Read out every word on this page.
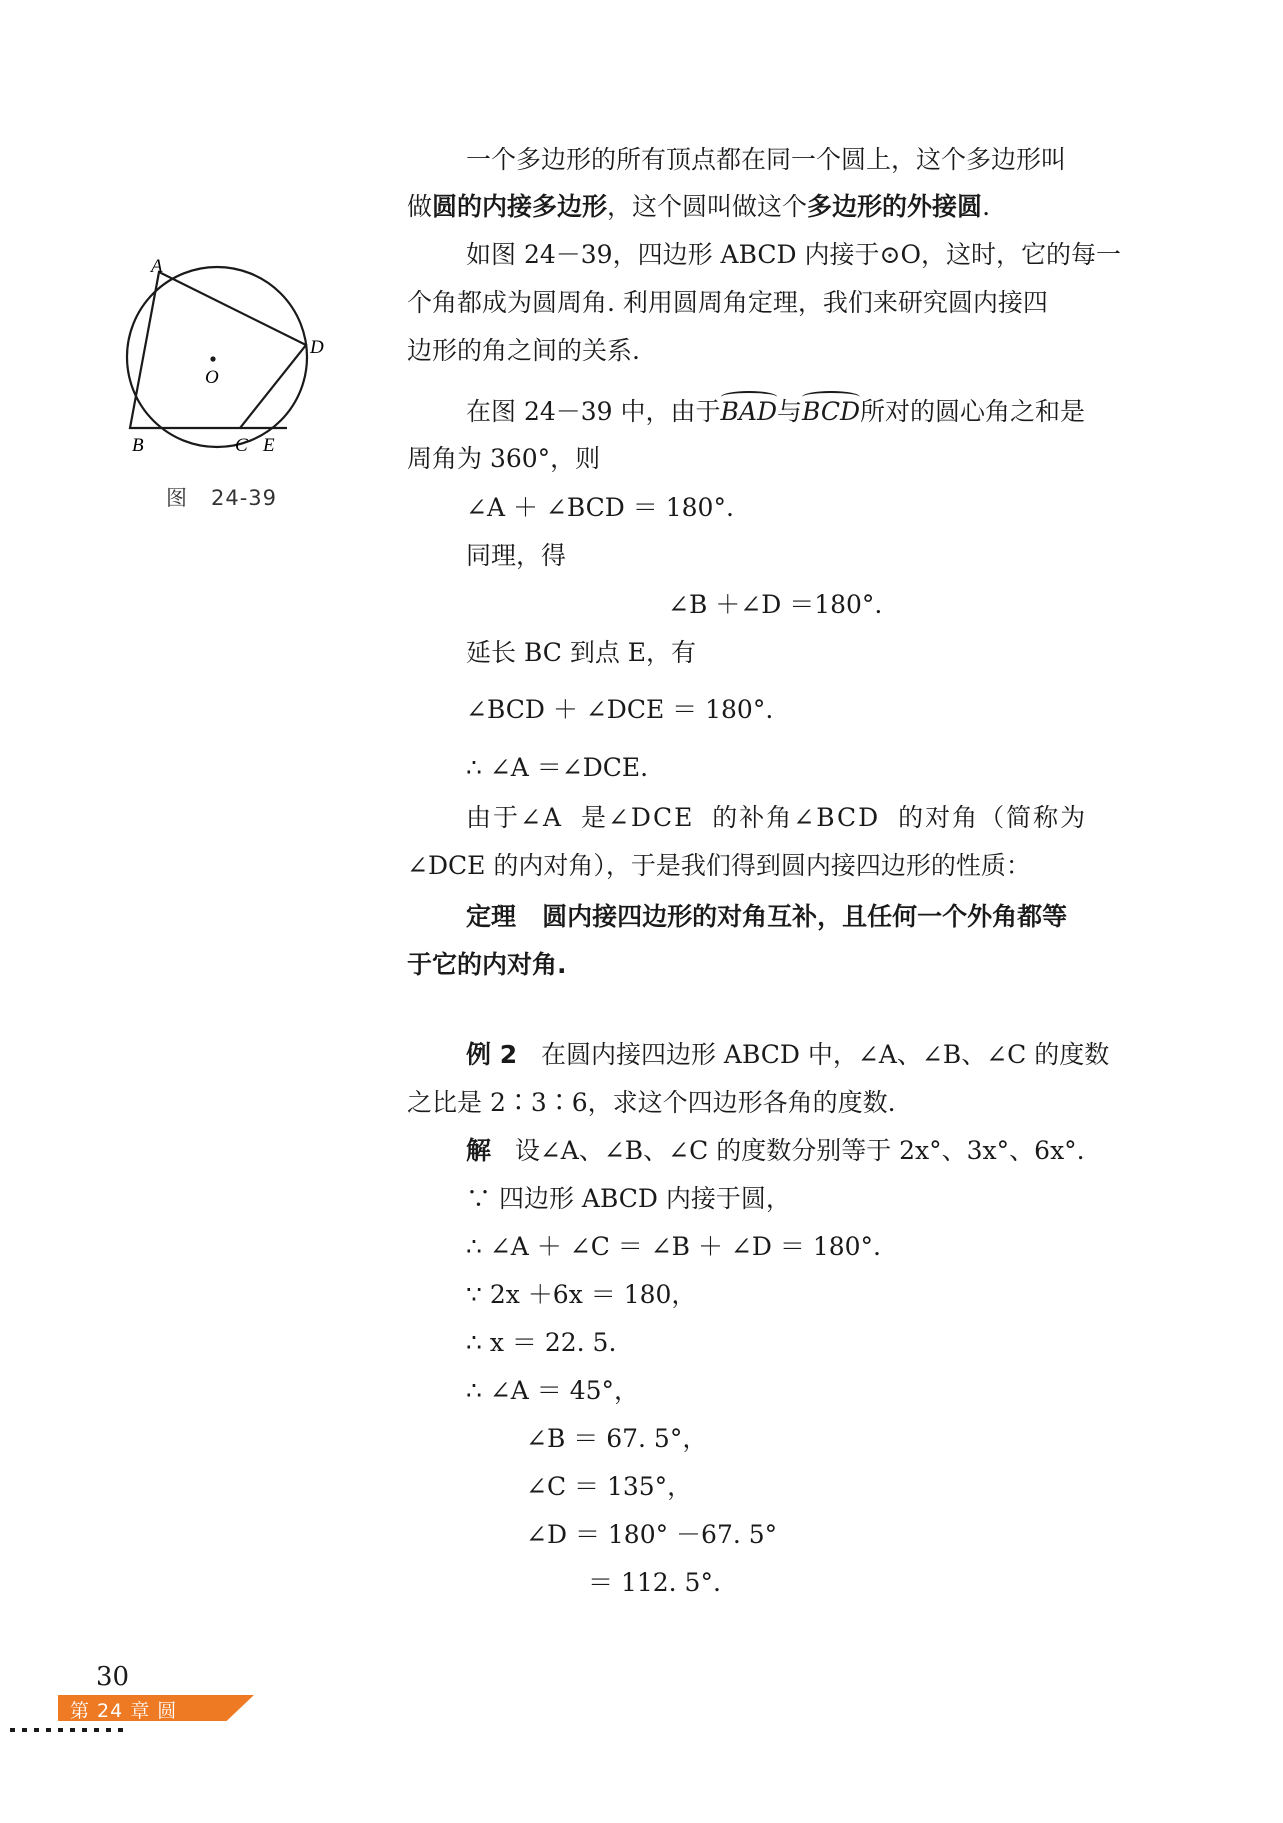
A
B	C E
D
O
图 24-39
一个多边形的所有顶点都在同一个圆上，这个多边形叫
做圆的内接多边形，这个圆叫做这个多边形的外接圆.
如图 24－39，四边形 ABCD 内接于⊙O，这时，它的每一
个角都成为圆周角. 利用圆周角定理，我们来研究圆内接四
边形的角之间的关系.
在图 24－39 中，由于BAD与BCD所对的圆心角之和是
周角为 360°，则
∠A ＋ ∠BCD ＝ 180°.
同理，得
∠B ＋∠D ＝180°.
延长 BC 到点 E，有
∠BCD ＋ ∠DCE ＝ 180°.
∴ ∠A ＝∠DCE.
由于∠A 是∠DCE 的补角∠BCD 的对角（简称为
∠DCE 的内对角），于是我们得到圆内接四边形的性质：
定理 圆内接四边形的对角互补，且任何一个外角都等
于它的内对角.
例 2 在圆内接四边形 ABCD 中，∠A、∠B、∠C 的度数
之比是 2∶3∶6，求这个四边形各角的度数.
解 设∠A、∠B、∠C 的度数分别等于 2x°、3x°、6x°.
∵ 四边形 ABCD 内接于圆，
∴ ∠A ＋ ∠C ＝ ∠B ＋ ∠D ＝ 180°.
∵ 2x ＋6x ＝ 180，
∴ x ＝ 22. 5.
∴ ∠A ＝ 45°，
∠B ＝ 67. 5°，
∠C ＝ 135°，
∠D ＝ 180° －67. 5°
＝ 112. 5°.
30
第 24 章 圆
